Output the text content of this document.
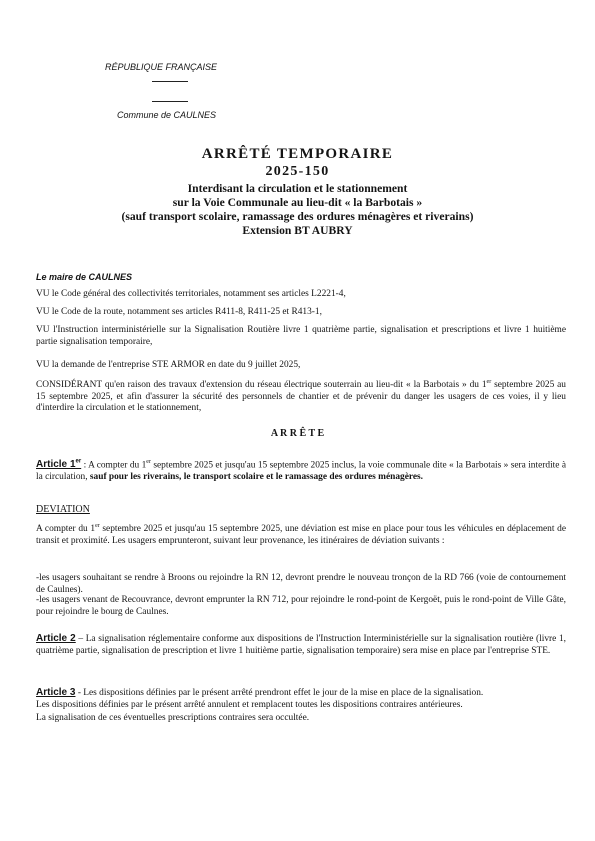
RÉPUBLIQUE FRANÇAISE
Commune de CAULNES
ARRÊTÉ TEMPORAIRE
2025-150
Interdisant la circulation et le stationnement
sur la Voie Communale au lieu-dit « la Barbotais »
(sauf transport scolaire, ramassage des ordures ménagères et riverains)
Extension BT AUBRY
Le maire de CAULNES
VU le Code général des collectivités territoriales, notamment ses articles L2221-4,
VU le Code de la route, notamment ses articles R411-8, R411-25 et R413-1,
VU l'Instruction interministérielle sur la Signalisation Routière livre 1 quatrième partie, signalisation et prescriptions et livre 1 huitième partie signalisation temporaire,
VU la demande de l'entreprise STE ARMOR en date du 9 juillet 2025,
CONSIDÉRANT qu'en raison des travaux d'extension du réseau électrique souterrain au lieu-dit « la Barbotais » du 1er septembre 2025 au 15 septembre 2025, et afin d'assurer la sécurité des personnels de chantier et de prévenir du danger les usagers de ces voies, il y lieu d'interdire la circulation et le stationnement,
A R R Ê T E
Article 1er : A compter du 1er septembre 2025 et jusqu'au 15 septembre 2025 inclus, la voie communale dite « la Barbotais » sera interdite à la circulation, sauf pour les riverains, le transport scolaire et le ramassage des ordures ménagères.
DEVIATION
A compter du 1er septembre 2025 et jusqu'au 15 septembre 2025, une déviation est mise en place pour tous les véhicules en déplacement de transit et proximité. Les usagers emprunteront, suivant leur provenance, les itinéraires de déviation suivants :
-les usagers souhaitant se rendre à Broons ou rejoindre la RN 12, devront prendre le nouveau tronçon de la RD 766 (voie de contournement de Caulnes).
-les usagers venant de Recouvrance, devront emprunter la RN 712, pour rejoindre le rond-point de Kergoët, puis le rond-point de Ville Gâte, pour rejoindre le bourg de Caulnes.
Article 2 – La signalisation réglementaire conforme aux dispositions de l'Instruction Interministérielle sur la signalisation routière (livre 1, quatrième partie, signalisation de prescription et livre 1 huitième partie, signalisation temporaire) sera mise en place par l'entreprise STE.
Article 3 - Les dispositions définies par le présent arrêté prendront effet le jour de la mise en place de la signalisation.
Les dispositions définies par le présent arrêté annulent et remplacent toutes les dispositions contraires antérieures.
La signalisation de ces éventuelles prescriptions contraires sera occultée.
